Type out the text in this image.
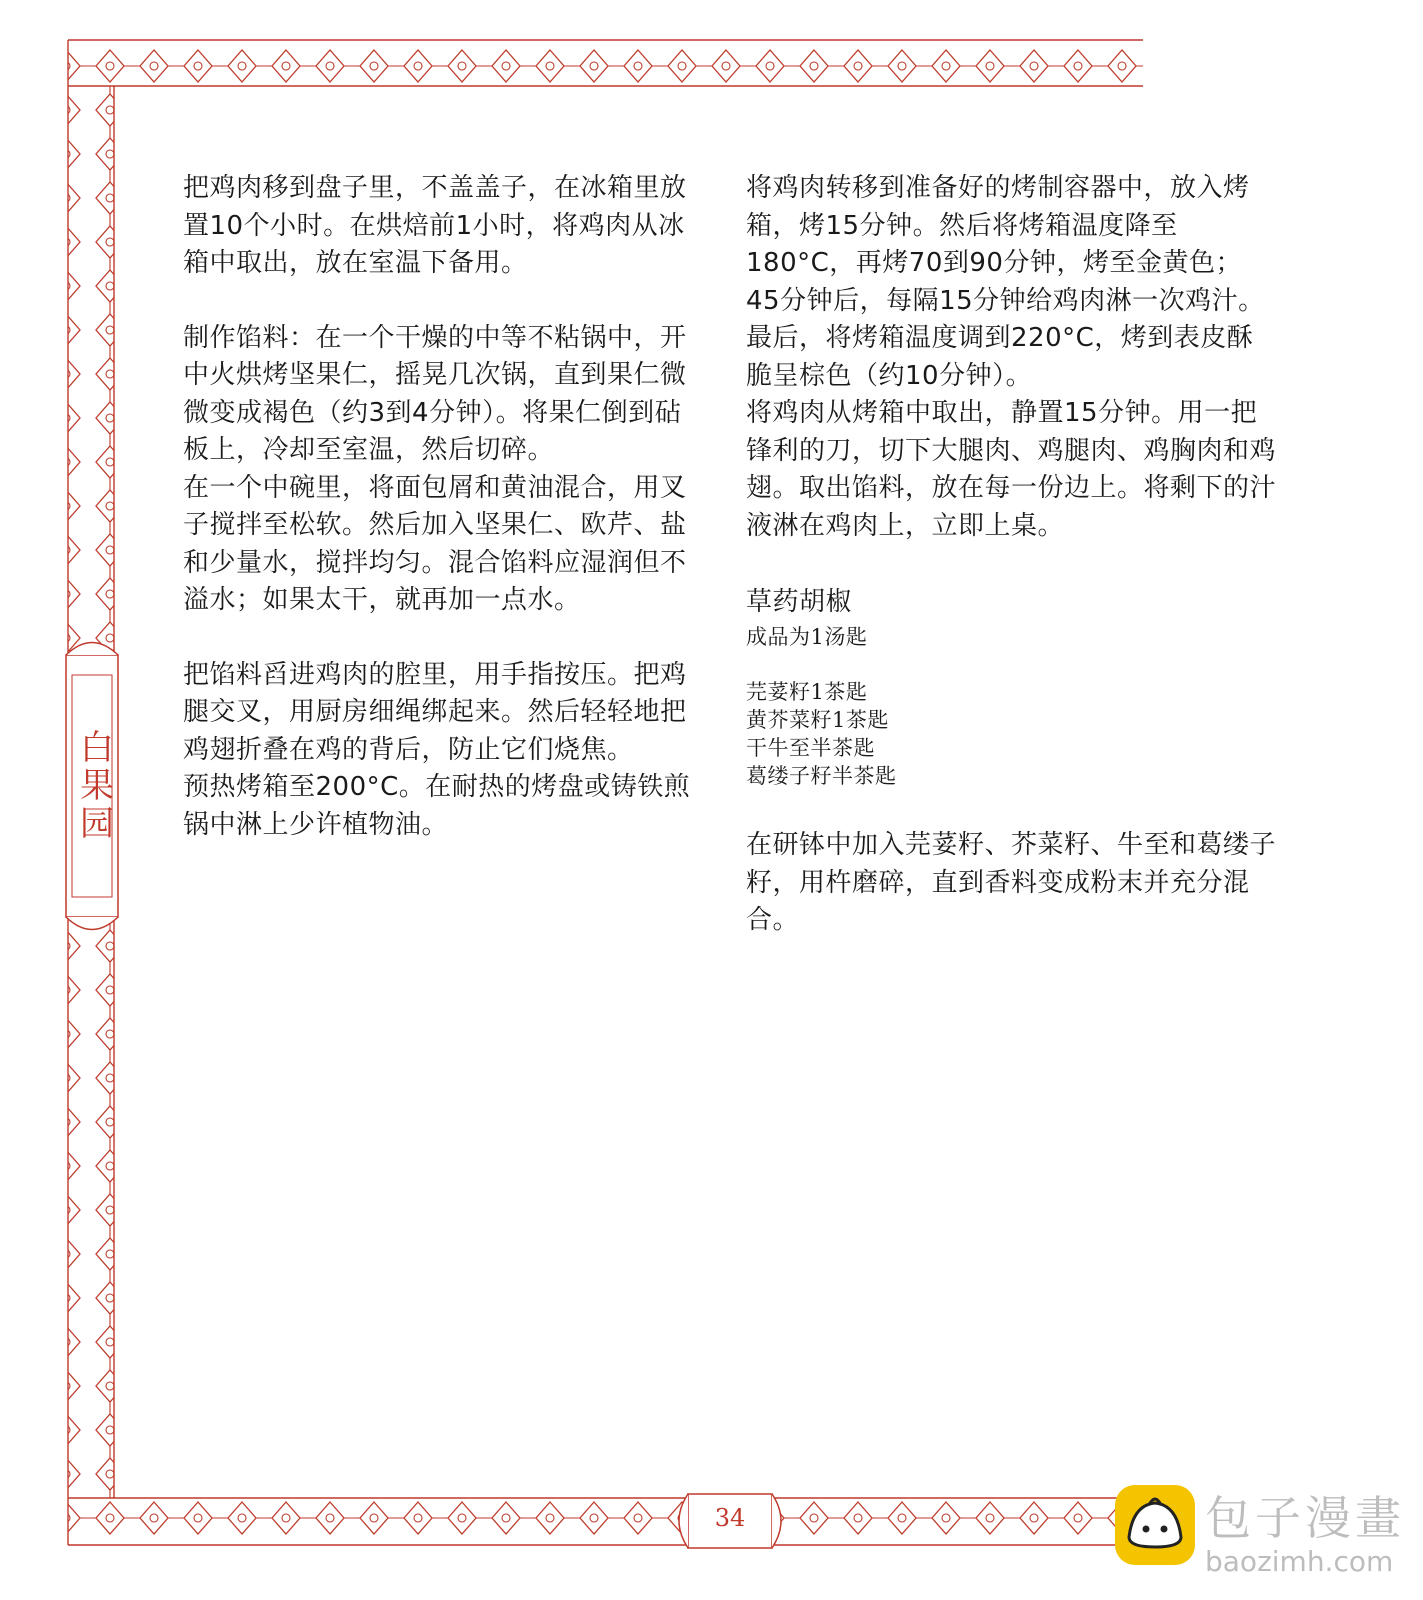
白果园
34

把鸡肉移到盘子里，不盖盖子，在冰箱里放置10个小时。在烘焙前1小时，将鸡肉从冰箱中取出，放在室温下备用。

制作馅料：在一个干燥的中等不粘锅中，开中火烘烤坚果仁，摇晃几次锅，直到果仁微微变成褐色（约3到4分钟）。将果仁倒到砧板上，冷却至室温，然后切碎。

在一个中碗里，将面包屑和黄油混合，用叉子搅拌至松软。然后加入坚果仁、欧芹、盐和少量水，搅拌均匀。混合馅料应湿润但不溢水；如果太干，就再加一点水。

把馅料舀进鸡肉的腔里，用手指按压。把鸡腿交叉，用厨房细绳绑起来。然后轻轻地把鸡翅折叠在鸡的背后，防止它们烧焦。

预热烤箱至200°C。在耐热的烤盘或铸铁煎锅中淋上少许植物油。

将鸡肉转移到准备好的烤制容器中，放入烤箱，烤15分钟。然后将烤箱温度降至180°C，再烤70到90分钟，烤至金黄色；45分钟后，每隔15分钟给鸡肉淋一次鸡汁。最后，将烤箱温度调到220°C，烤到表皮酥脆呈棕色（约10分钟）。

将鸡肉从烤箱中取出，静置15分钟。用一把锋利的刀，切下大腿肉、鸡腿肉、鸡胸肉和鸡翅。取出馅料，放在每一份边上。将剩下的汁液淋在鸡肉上，立即上桌。

草药胡椒

成品为1汤匙

芫荽籽1茶匙

黄芥菜籽1茶匙

干牛至半茶匙

葛缕子籽半茶匙

在研钵中加入芫荽籽、芥菜籽、牛至和葛缕子籽，用杵磨碎，直到香料变成粉末并充分混合。

包子漫畫
baozimh.com
